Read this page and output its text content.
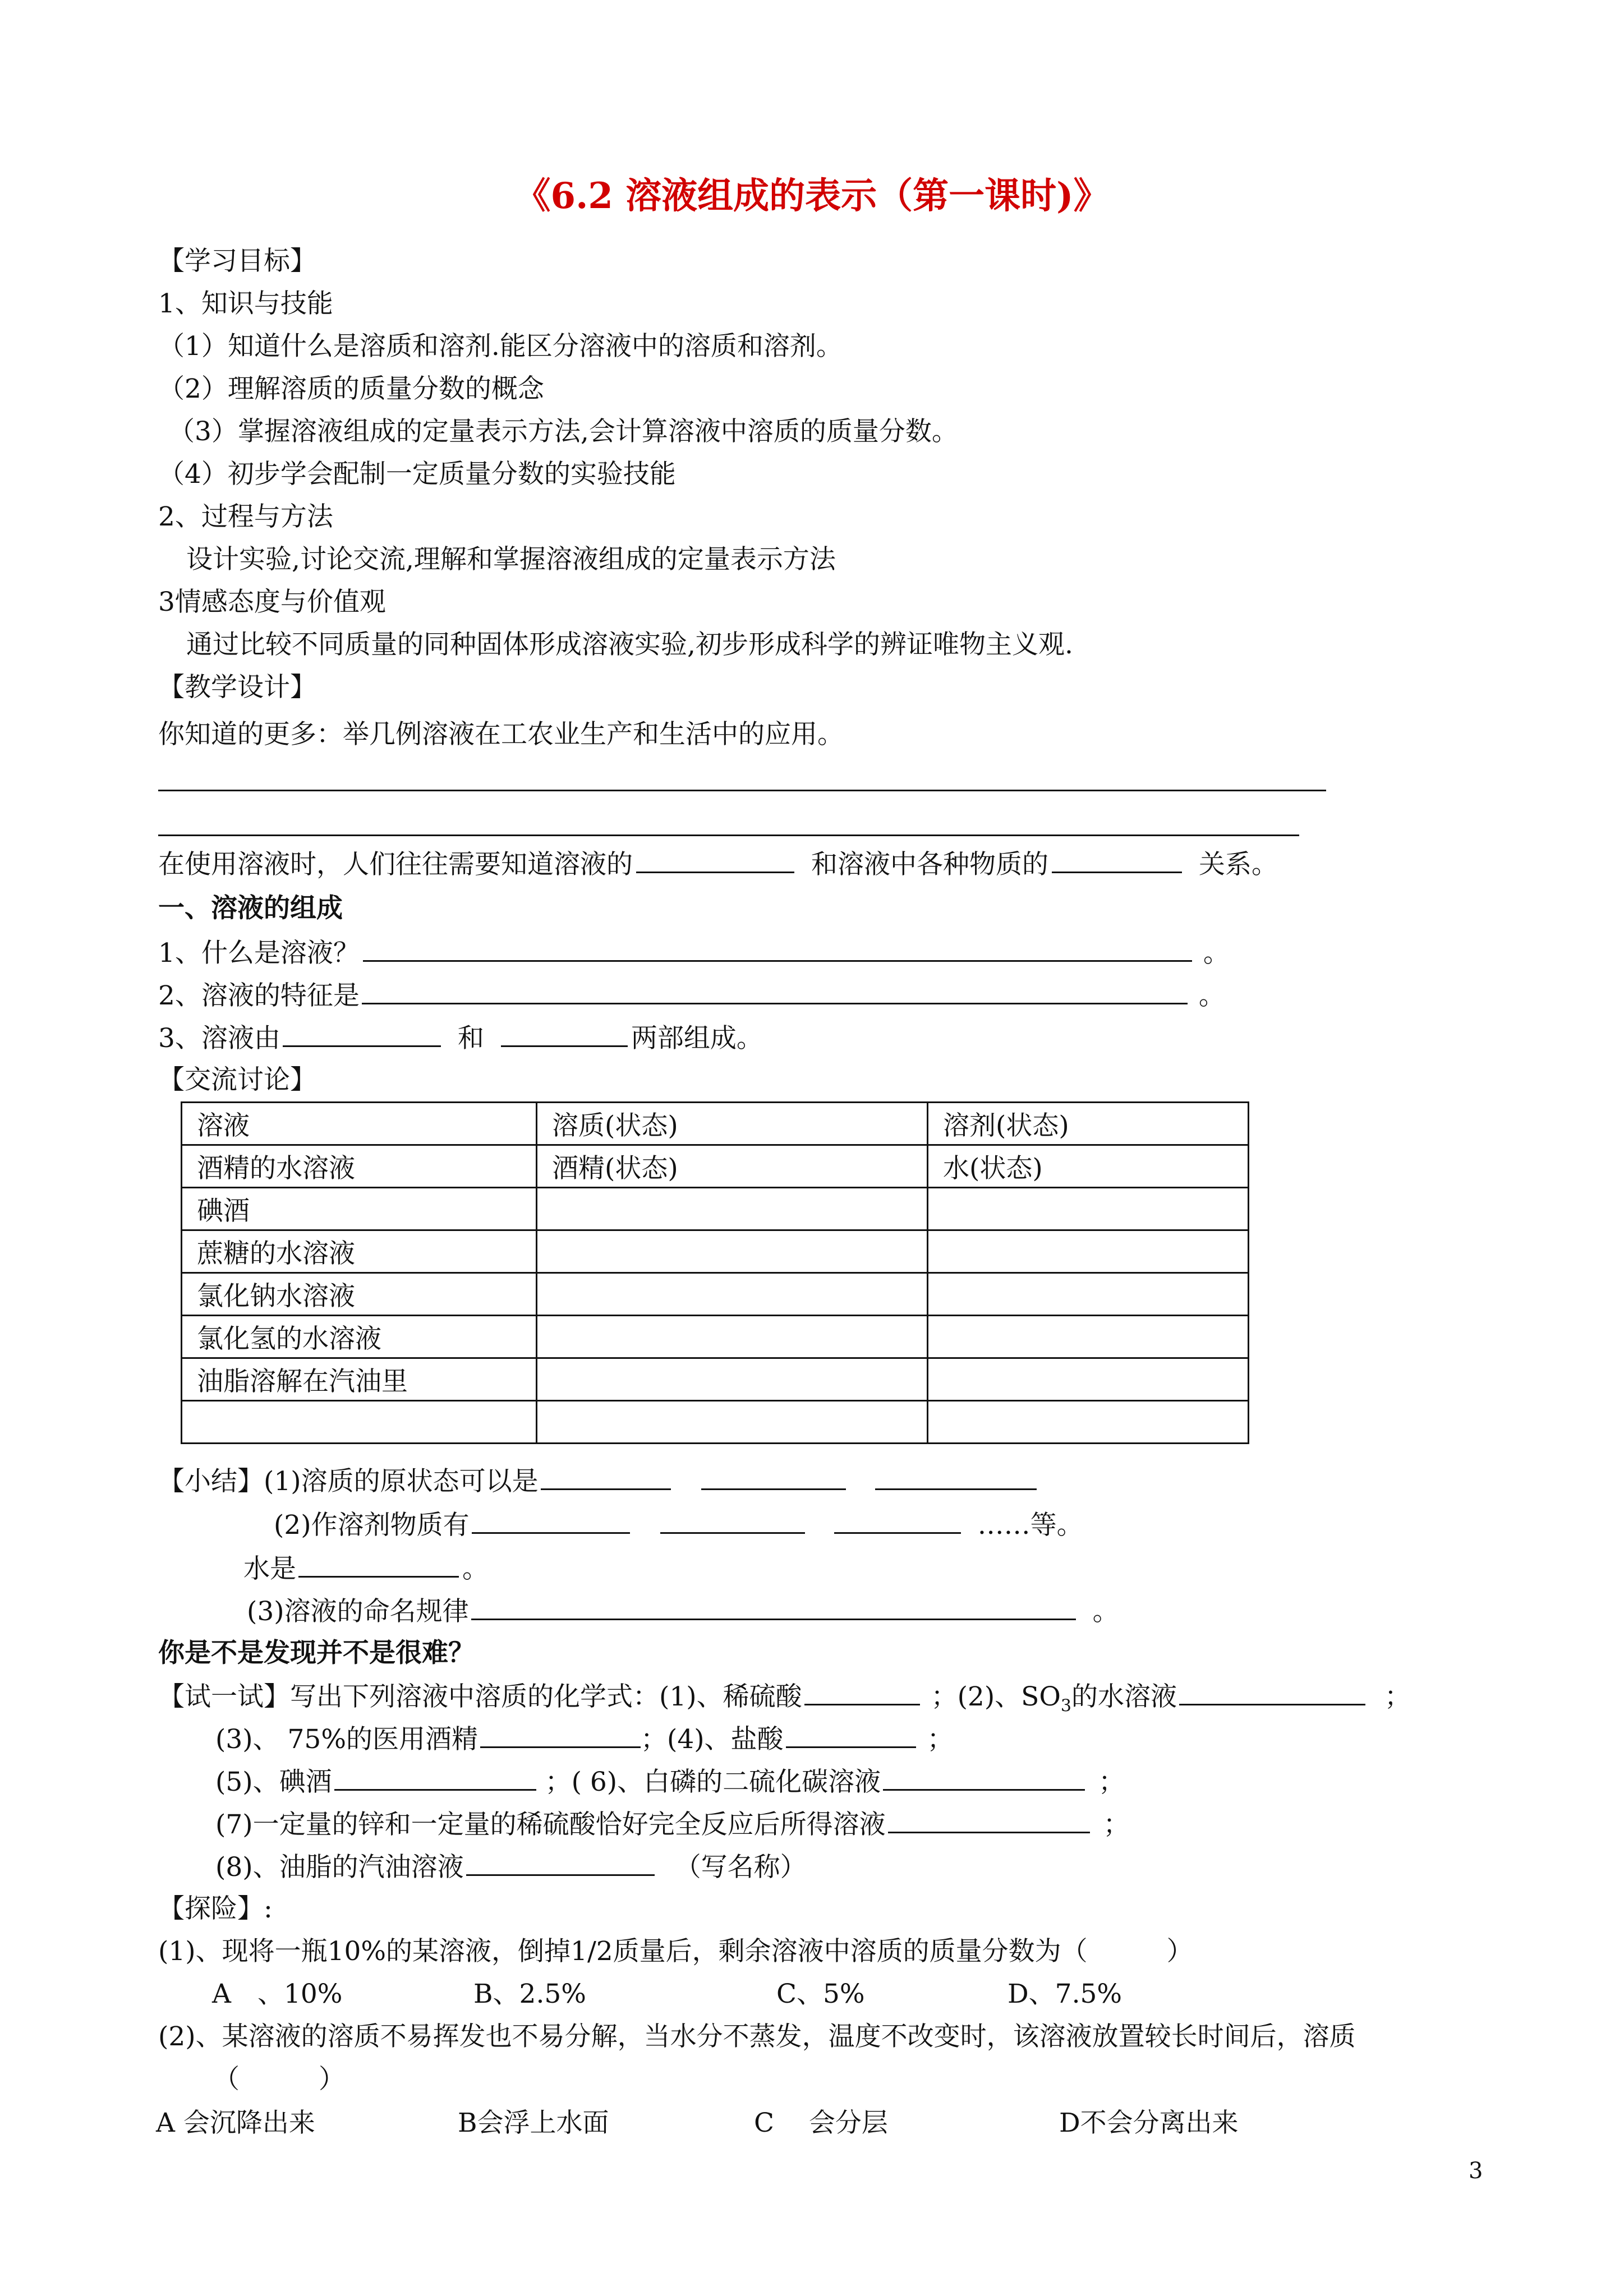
《6.2 溶液组成的表示（第一课时)》
【学习目标】
1、知识与技能
（1）知道什么是溶质和溶剂.能区分溶液中的溶质和溶剂。
（2）理解溶质的质量分数的概念
（3）掌握溶液组成的定量表示方法,会计算溶液中溶质的质量分数。
（4）初步学会配制一定质量分数的实验技能
2、过程与方法
设计实验,讨论交流,理解和掌握溶液组成的定量表示方法
3情感态度与价值观
通过比较不同质量的同种固体形成溶液实验,初步形成科学的辨证唯物主义观.
【教学设计】
你知道的更多：举几例溶液在工农业生产和生活中的应用。
在使用溶液时，人们往往需要知道溶液的	和溶液中各种物质的	关系。
一、溶液的组成
1、什么是溶液？	。
2、溶液的特征是	。
3、溶液由	和	两部组成。
【交流讨论】
溶液	溶质(状态)	溶剂(状态)
酒精的水溶液	酒精(状态)	水(状态)
碘酒		
蔗糖的水溶液		
氯化钠水溶液		
氯化氢的水溶液		
油脂溶解在汽油里		

【小结】(1)溶质的原状态可以是
(2)作溶剂物质有	……等。
水是	。
(3)溶液的命名规律	。
你是不是发现并不是很难？
【试一试】写出下列溶液中溶质的化学式：(1)、稀硫酸	；(2)、$SO_3$的水溶液	；
(3)、 75%的医用酒精	；(4)、盐酸	；
(5)、碘酒	；( 6)、白磷的二硫化碳溶液	；
(7)一定量的锌和一定量的稀硫酸恰好完全反应后所得溶液	；
(8)、油脂的汽油溶液	（写名称）
【探险】:
(1)、现将一瓶10%的某溶液，倒掉1/2质量后，剩余溶液中溶质的质量分数为（　　　）
A　、10%	B、2.5%	C、5%	D、7.5%
(2)、某溶液的溶质不易挥发也不易分解，当水分不蒸发，温度不改变时，该溶液放置较长时间后，溶质
（　　　）
A 会沉降出来	B会浮上水面	C　 会分层	D不会分离出来
3
